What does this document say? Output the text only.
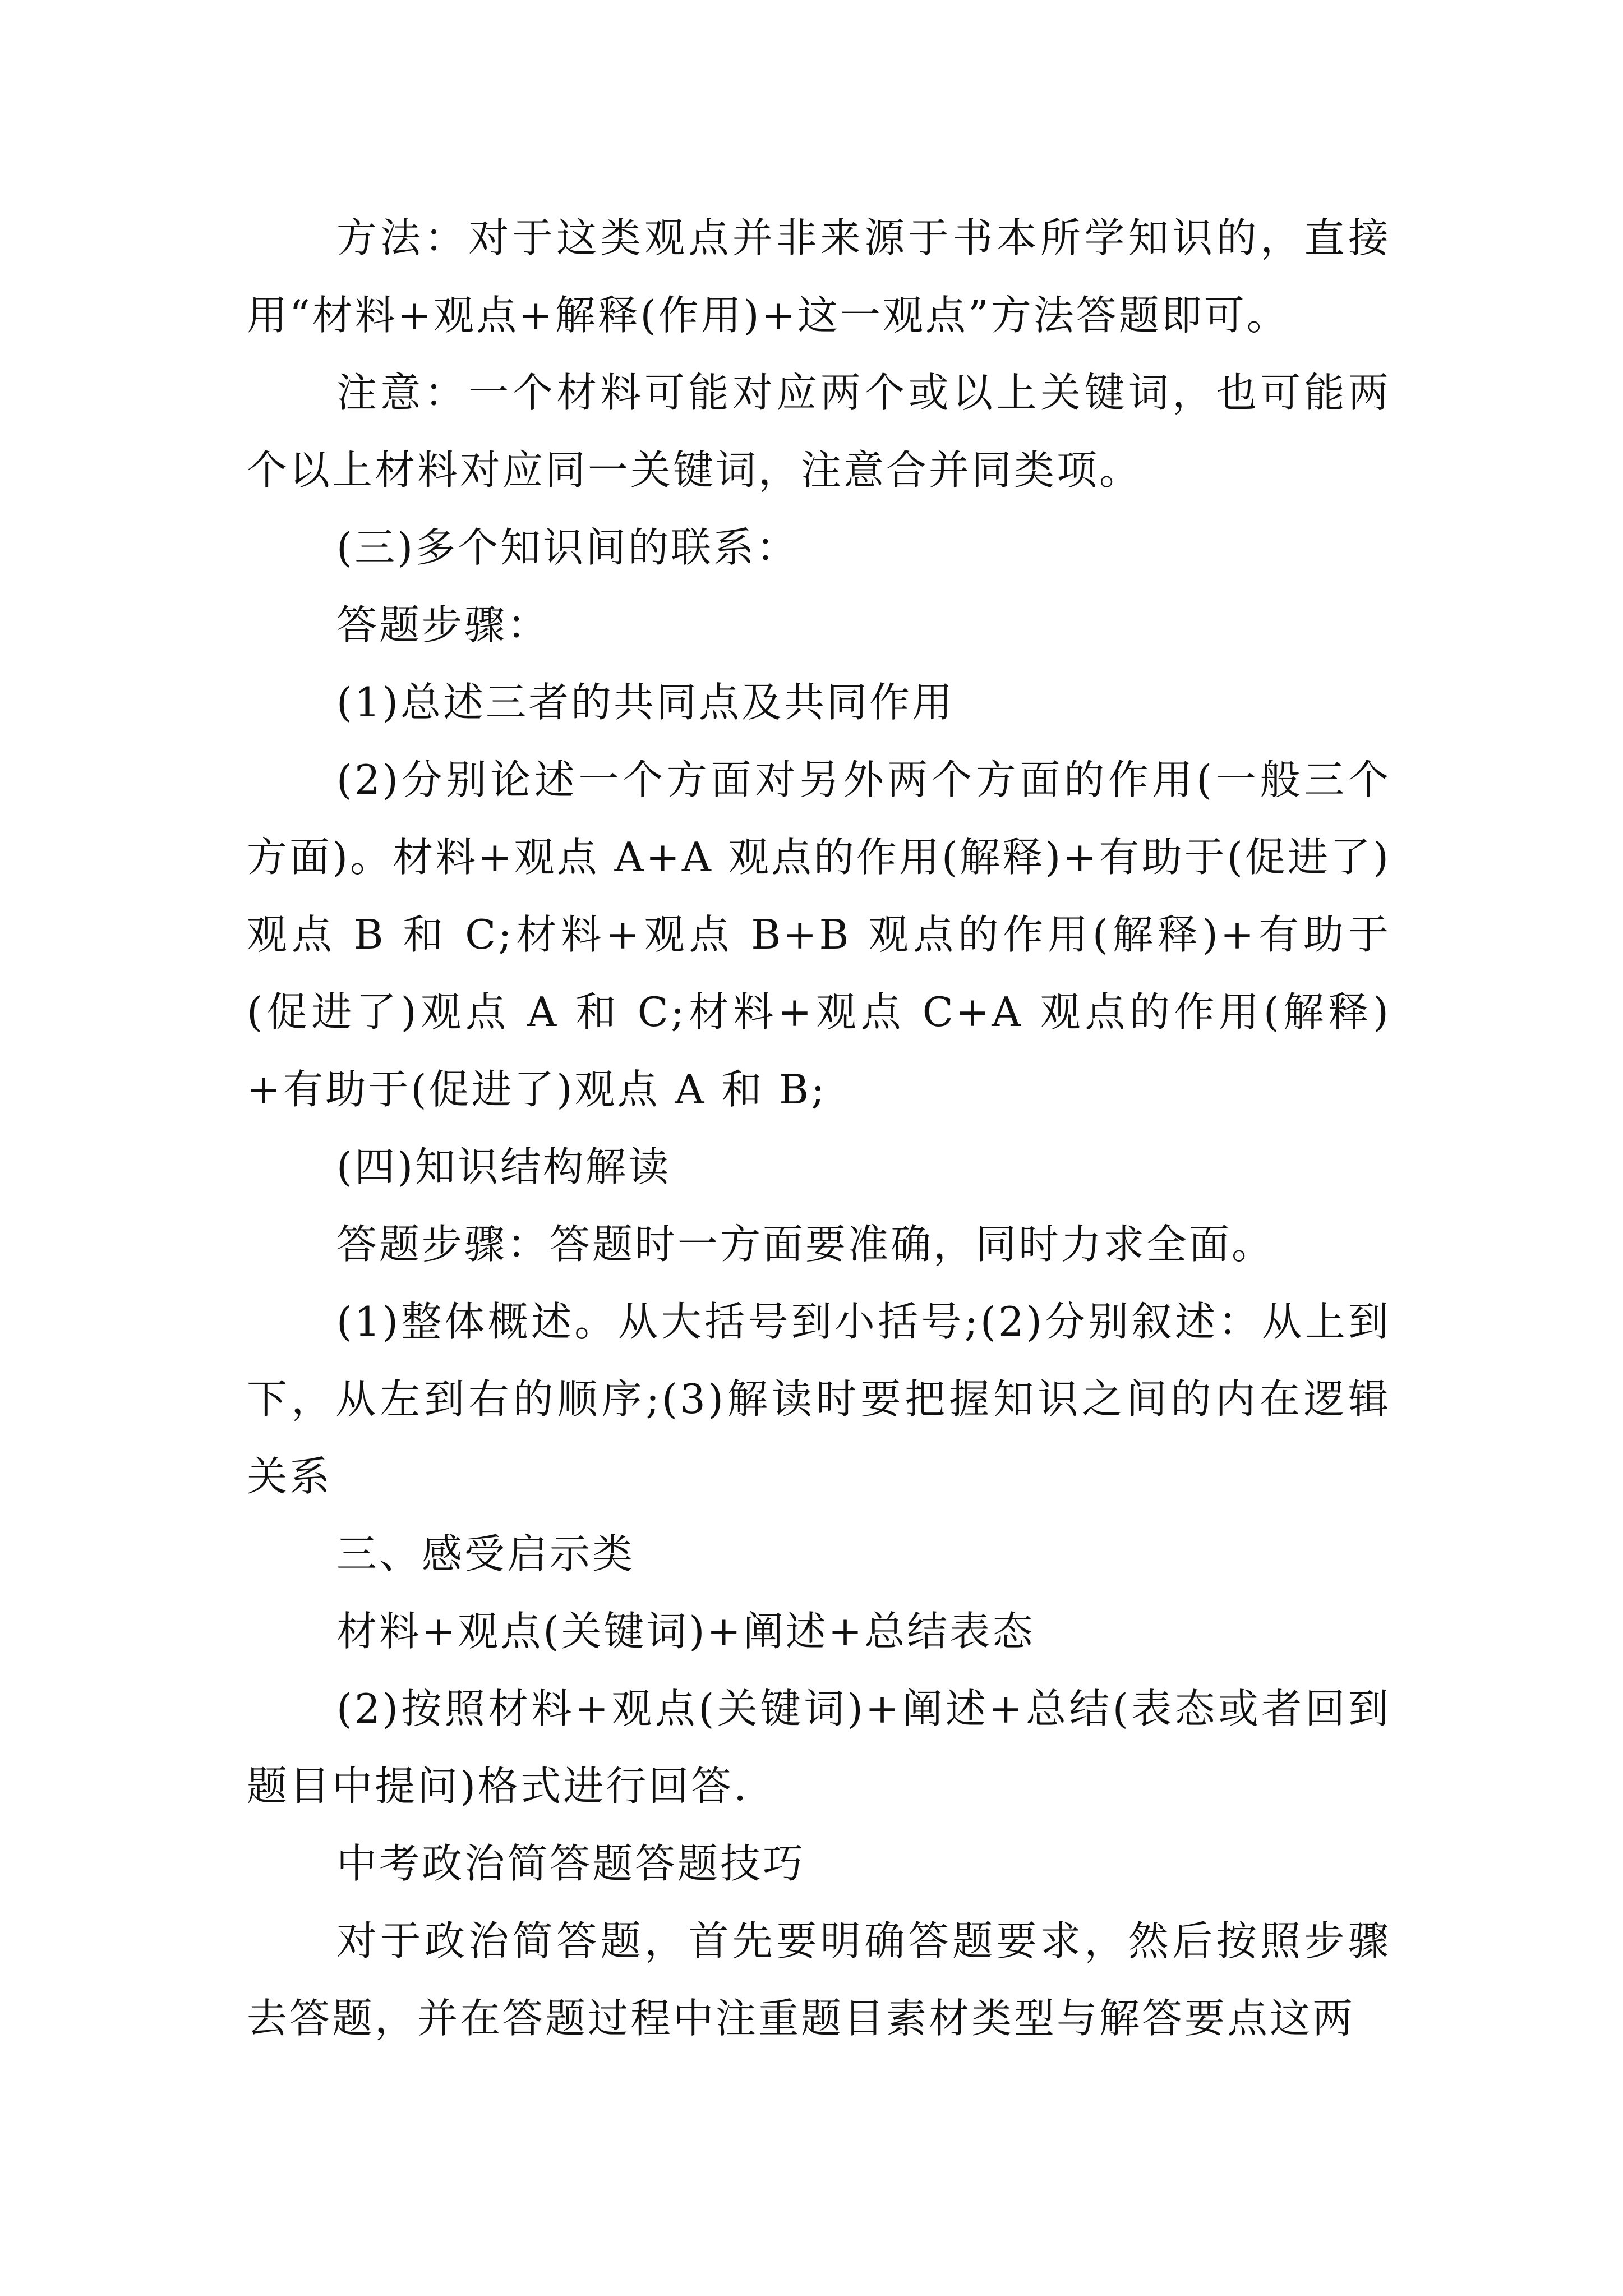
方法：对于这类观点并非来源于书本所学知识的，直接用“材料+观点+解释(作用)+这一观点”方法答题即可。

注意：一个材料可能对应两个或以上关键词，也可能两个以上材料对应同一关键词，注意合并同类项。

(三)多个知识间的联系：

答题步骤：

(1)总述三者的共同点及共同作用

(2)分别论述一个方面对另外两个方面的作用(一般三个方面)。材料+观点 A+A 观点的作用(解释)+有助于(促进了)观点 B 和 C;材料+观点 B+B 观点的作用(解释)+有助于(促进了)观点 A 和 C;材料+观点 C+A 观点的作用(解释)+有助于(促进了)观点 A 和 B;

(四)知识结构解读

答题步骤：答题时一方面要准确，同时力求全面。

(1)整体概述。从大括号到小括号;(2)分别叙述：从上到下，从左到右的顺序;(3)解读时要把握知识之间的内在逻辑关系

三、感受启示类

材料+观点(关键词)+阐述+总结表态

(2)按照材料+观点(关键词)+阐述+总结(表态或者回到题目中提问)格式进行回答.

中考政治简答题答题技巧

对于政治简答题，首先要明确答题要求，然后按照步骤去答题，并在答题过程中注重题目素材类型与解答要点这两
